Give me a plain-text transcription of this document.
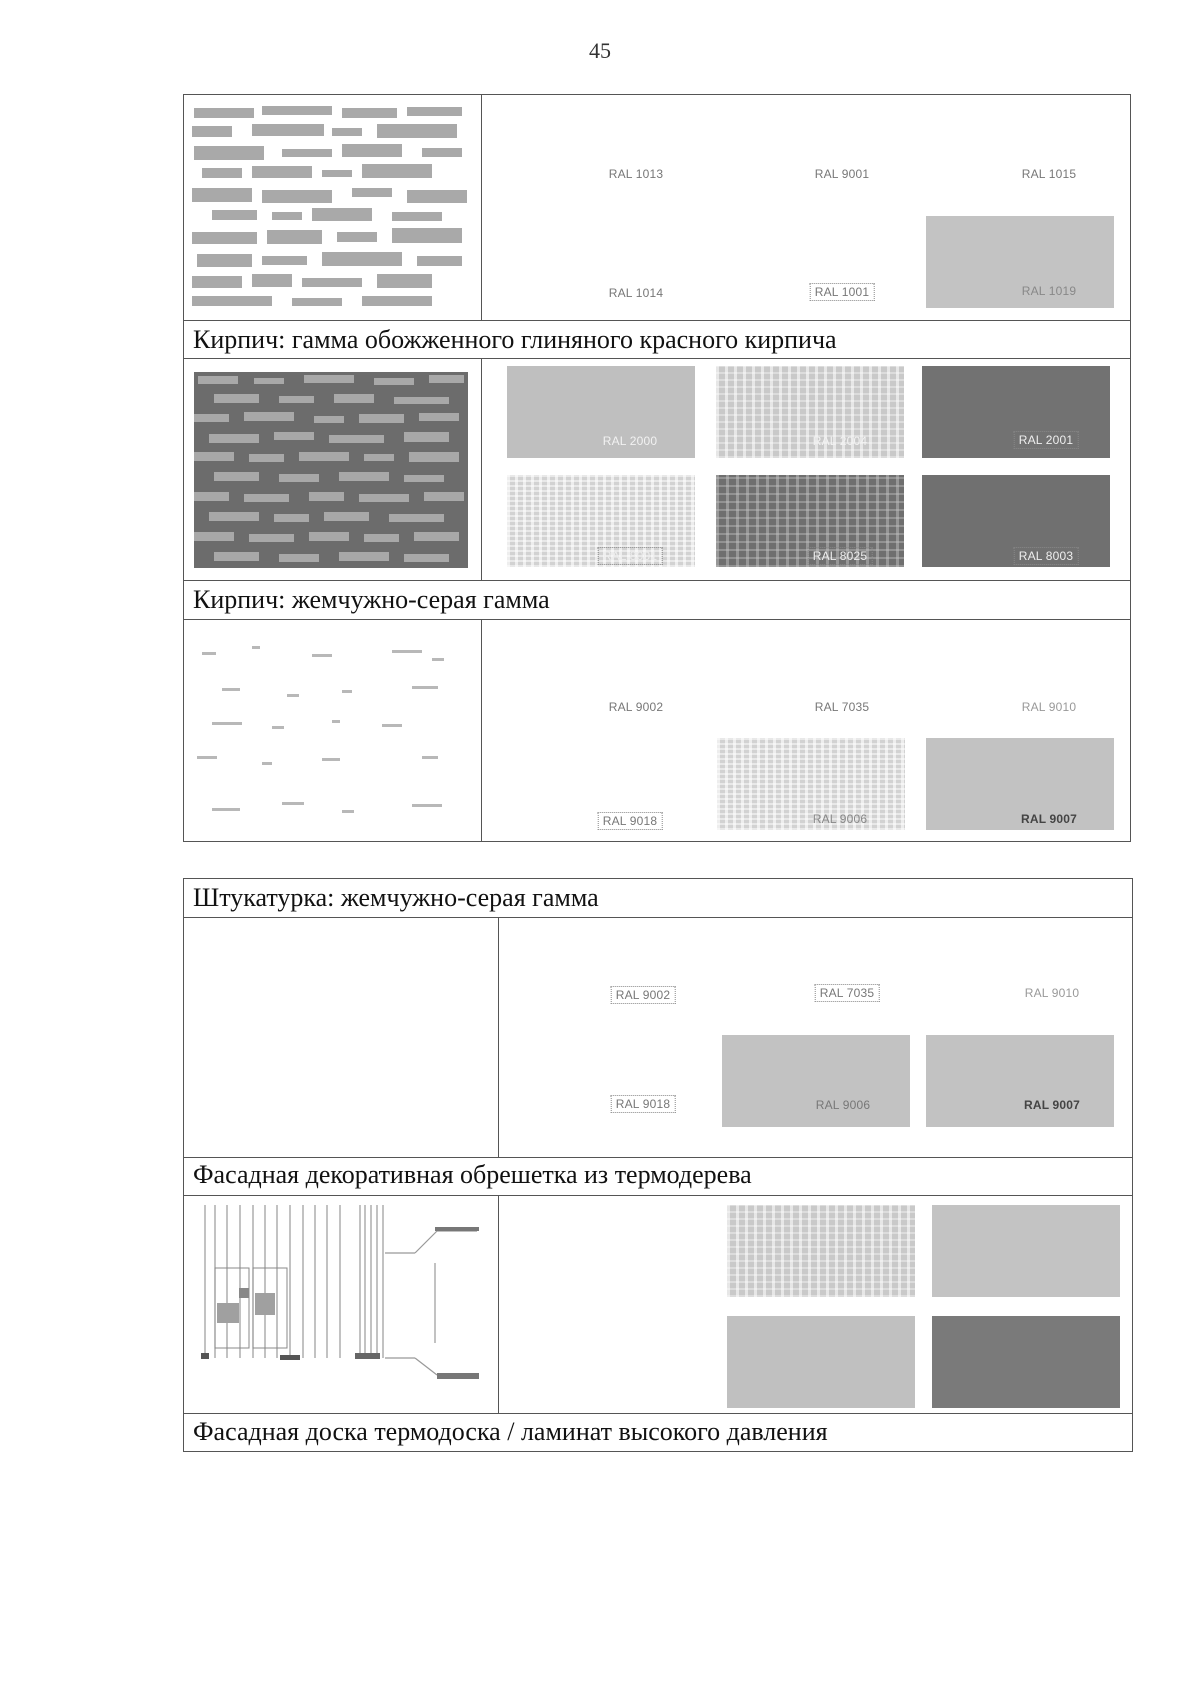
45
RAL 1013	RAL 9001	RAL 1015
RAL 1014	RAL 1001	RAL 1019
Кирпич: гамма обожженного глиняного красного кирпича
RAL 2000	RAL 2004	RAL 2001
RAL 8001	RAL 8025	RAL 8003
Кирпич: жемчужно-серая гамма
RAL 9002	RAL 7035	RAL 9010
RAL 9018	RAL 9006	RAL 9007
Штукатурка: жемчужно-серая гамма
RAL 9002	RAL 7035	RAL 9010
RAL 9018	RAL 9006	RAL 9007
Фасадная декоративная обрешетка из термодерева
Фасадная доска термодоска / ламинат высокого давления
